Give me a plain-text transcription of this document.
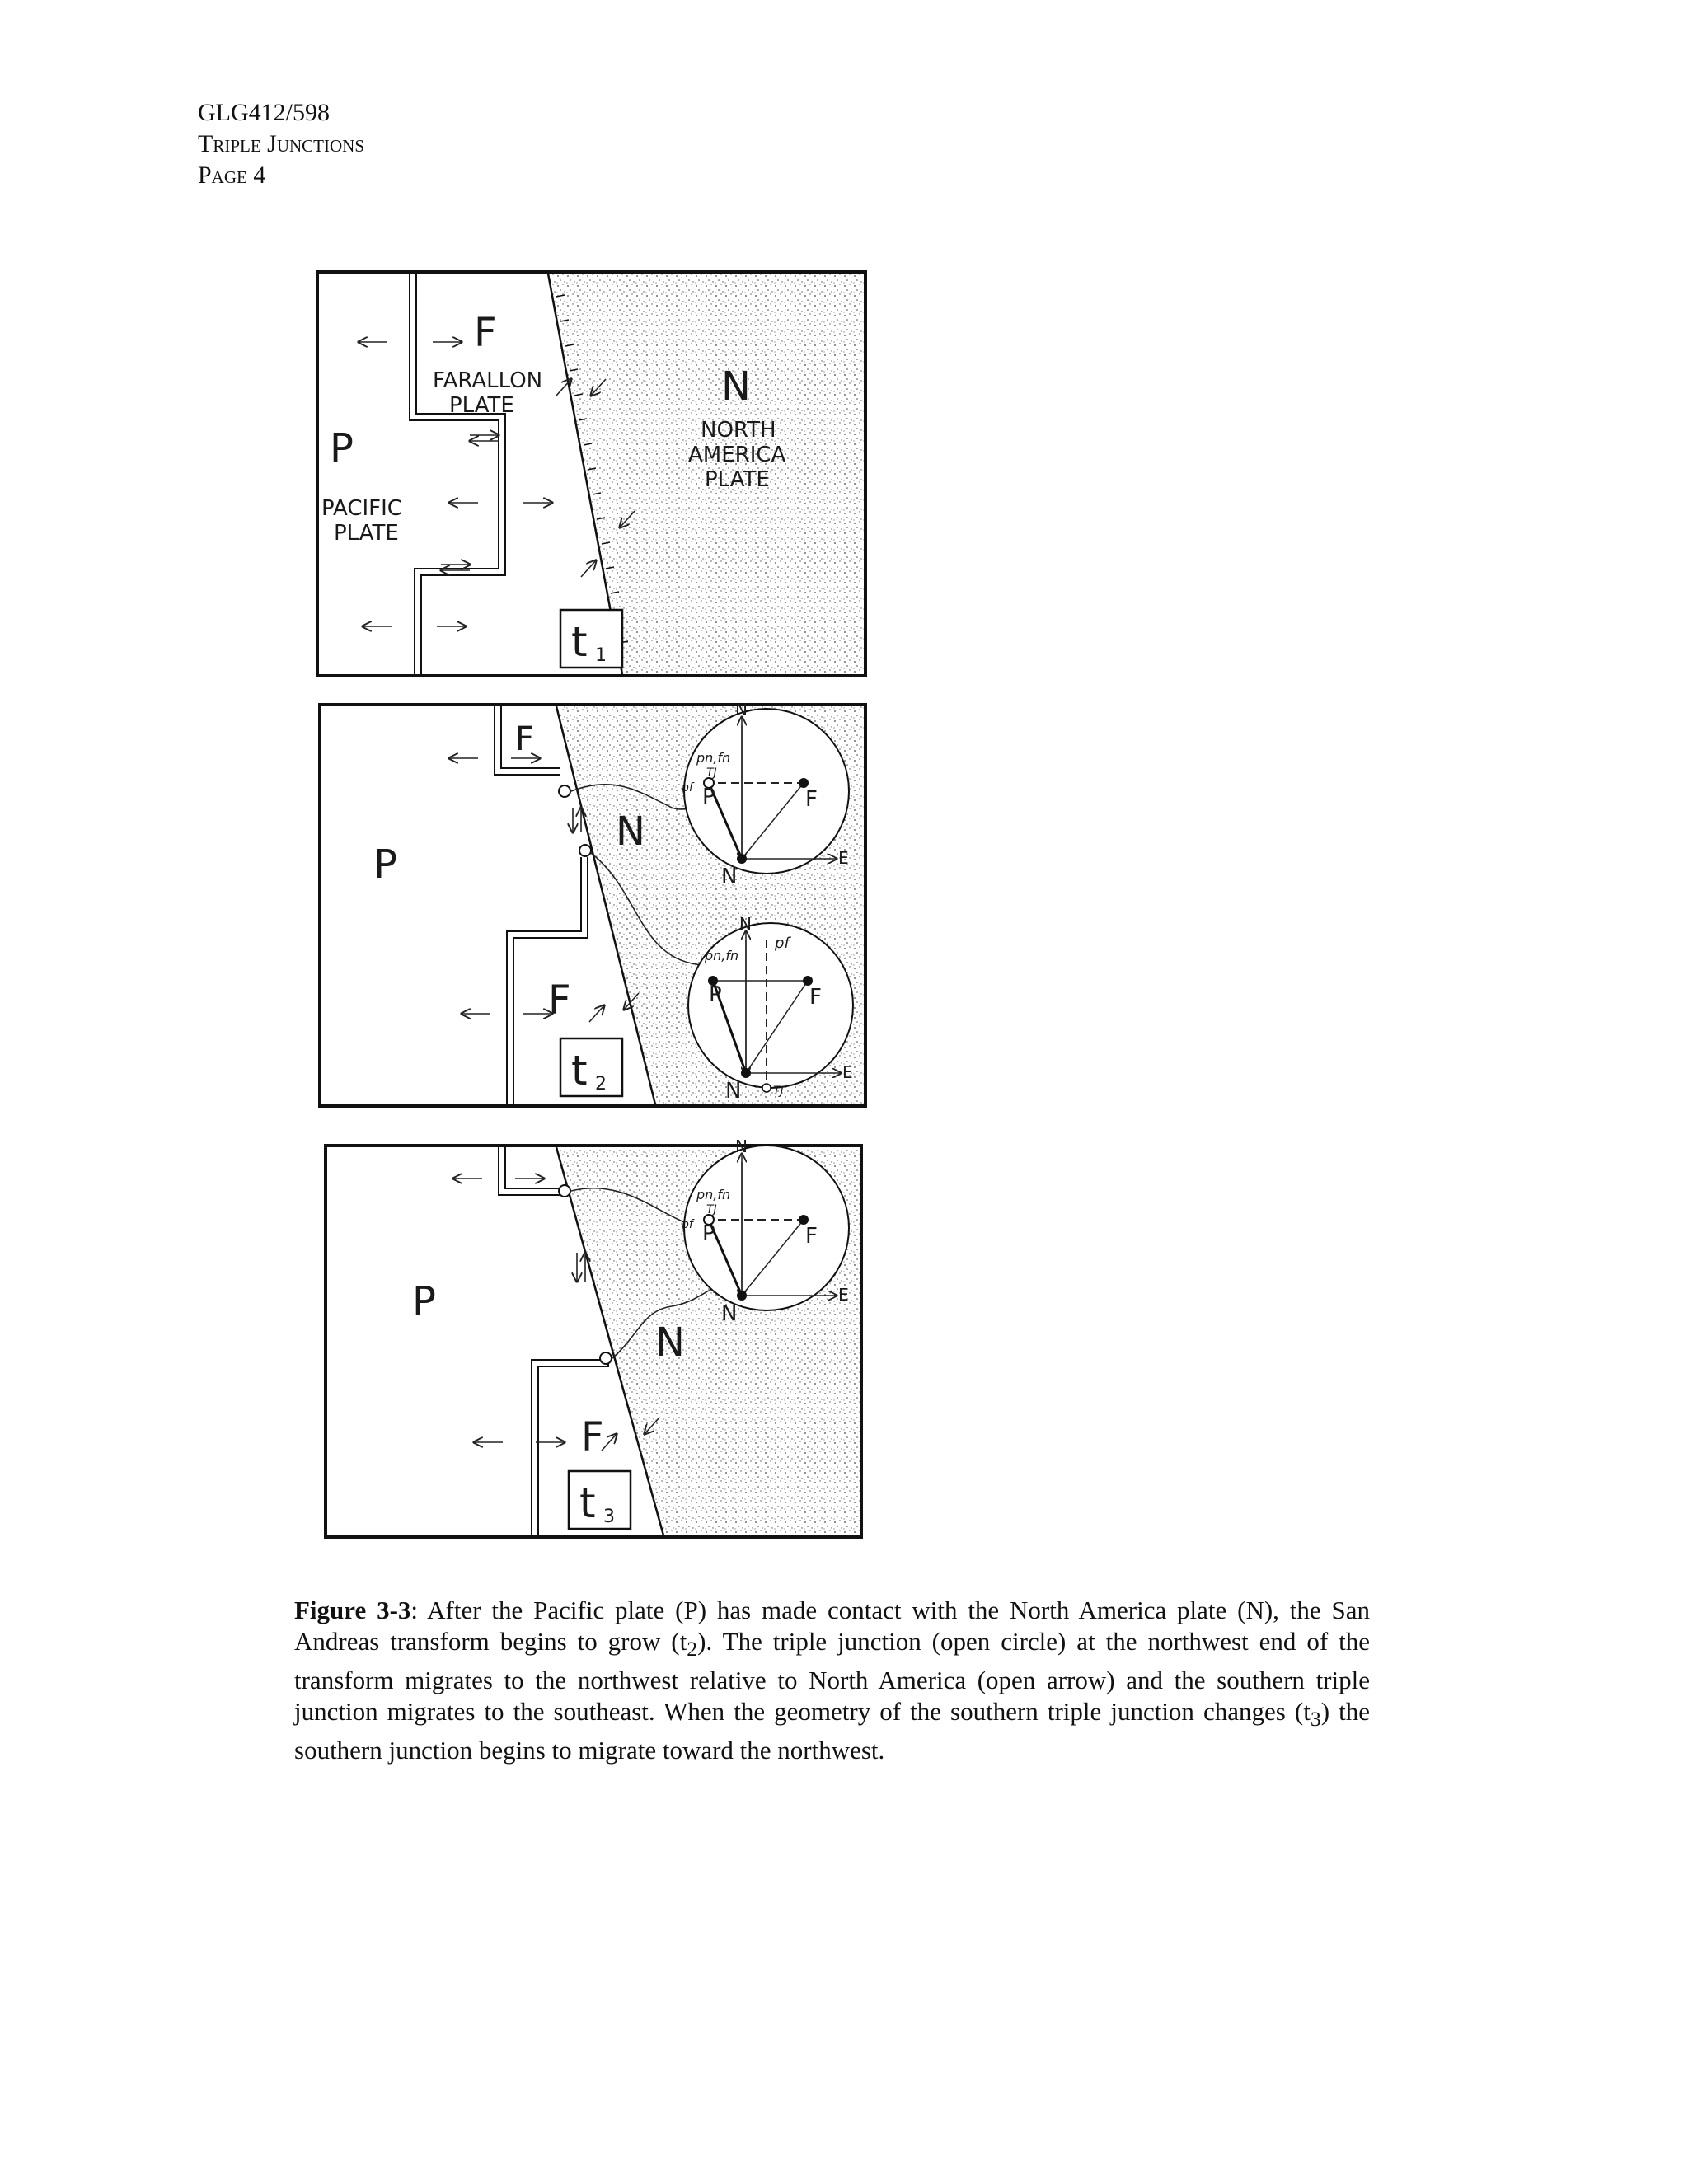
GLG412/598
Triple Junctions
Page 4
F
FARALLON
PLATE
P
PACIFIC
PLATE
N
NORTH
AMERICA
PLATE
t 1
F
P
N
F
t 2
N
E
P	F
N
pn,fn
TJ
pf
N
E
P	F
N
pn,fn
TJ
pf
P
N
F
t 3
N
E
P	F
N
pn,fn
TJ
pf
Figure 3-3: After the Pacific plate (P) has made contact with the North America plate (N), the San Andreas transform begins to grow $(t_2)$. The triple junction (open circle) at the northwest end of the transform migrates to the northwest relative to North America (open arrow) and the southern triple junction migrates to the southeast. When the geometry of the southern triple junction changes $(t_3)$ the southern junction begins to migrate toward the northwest.
